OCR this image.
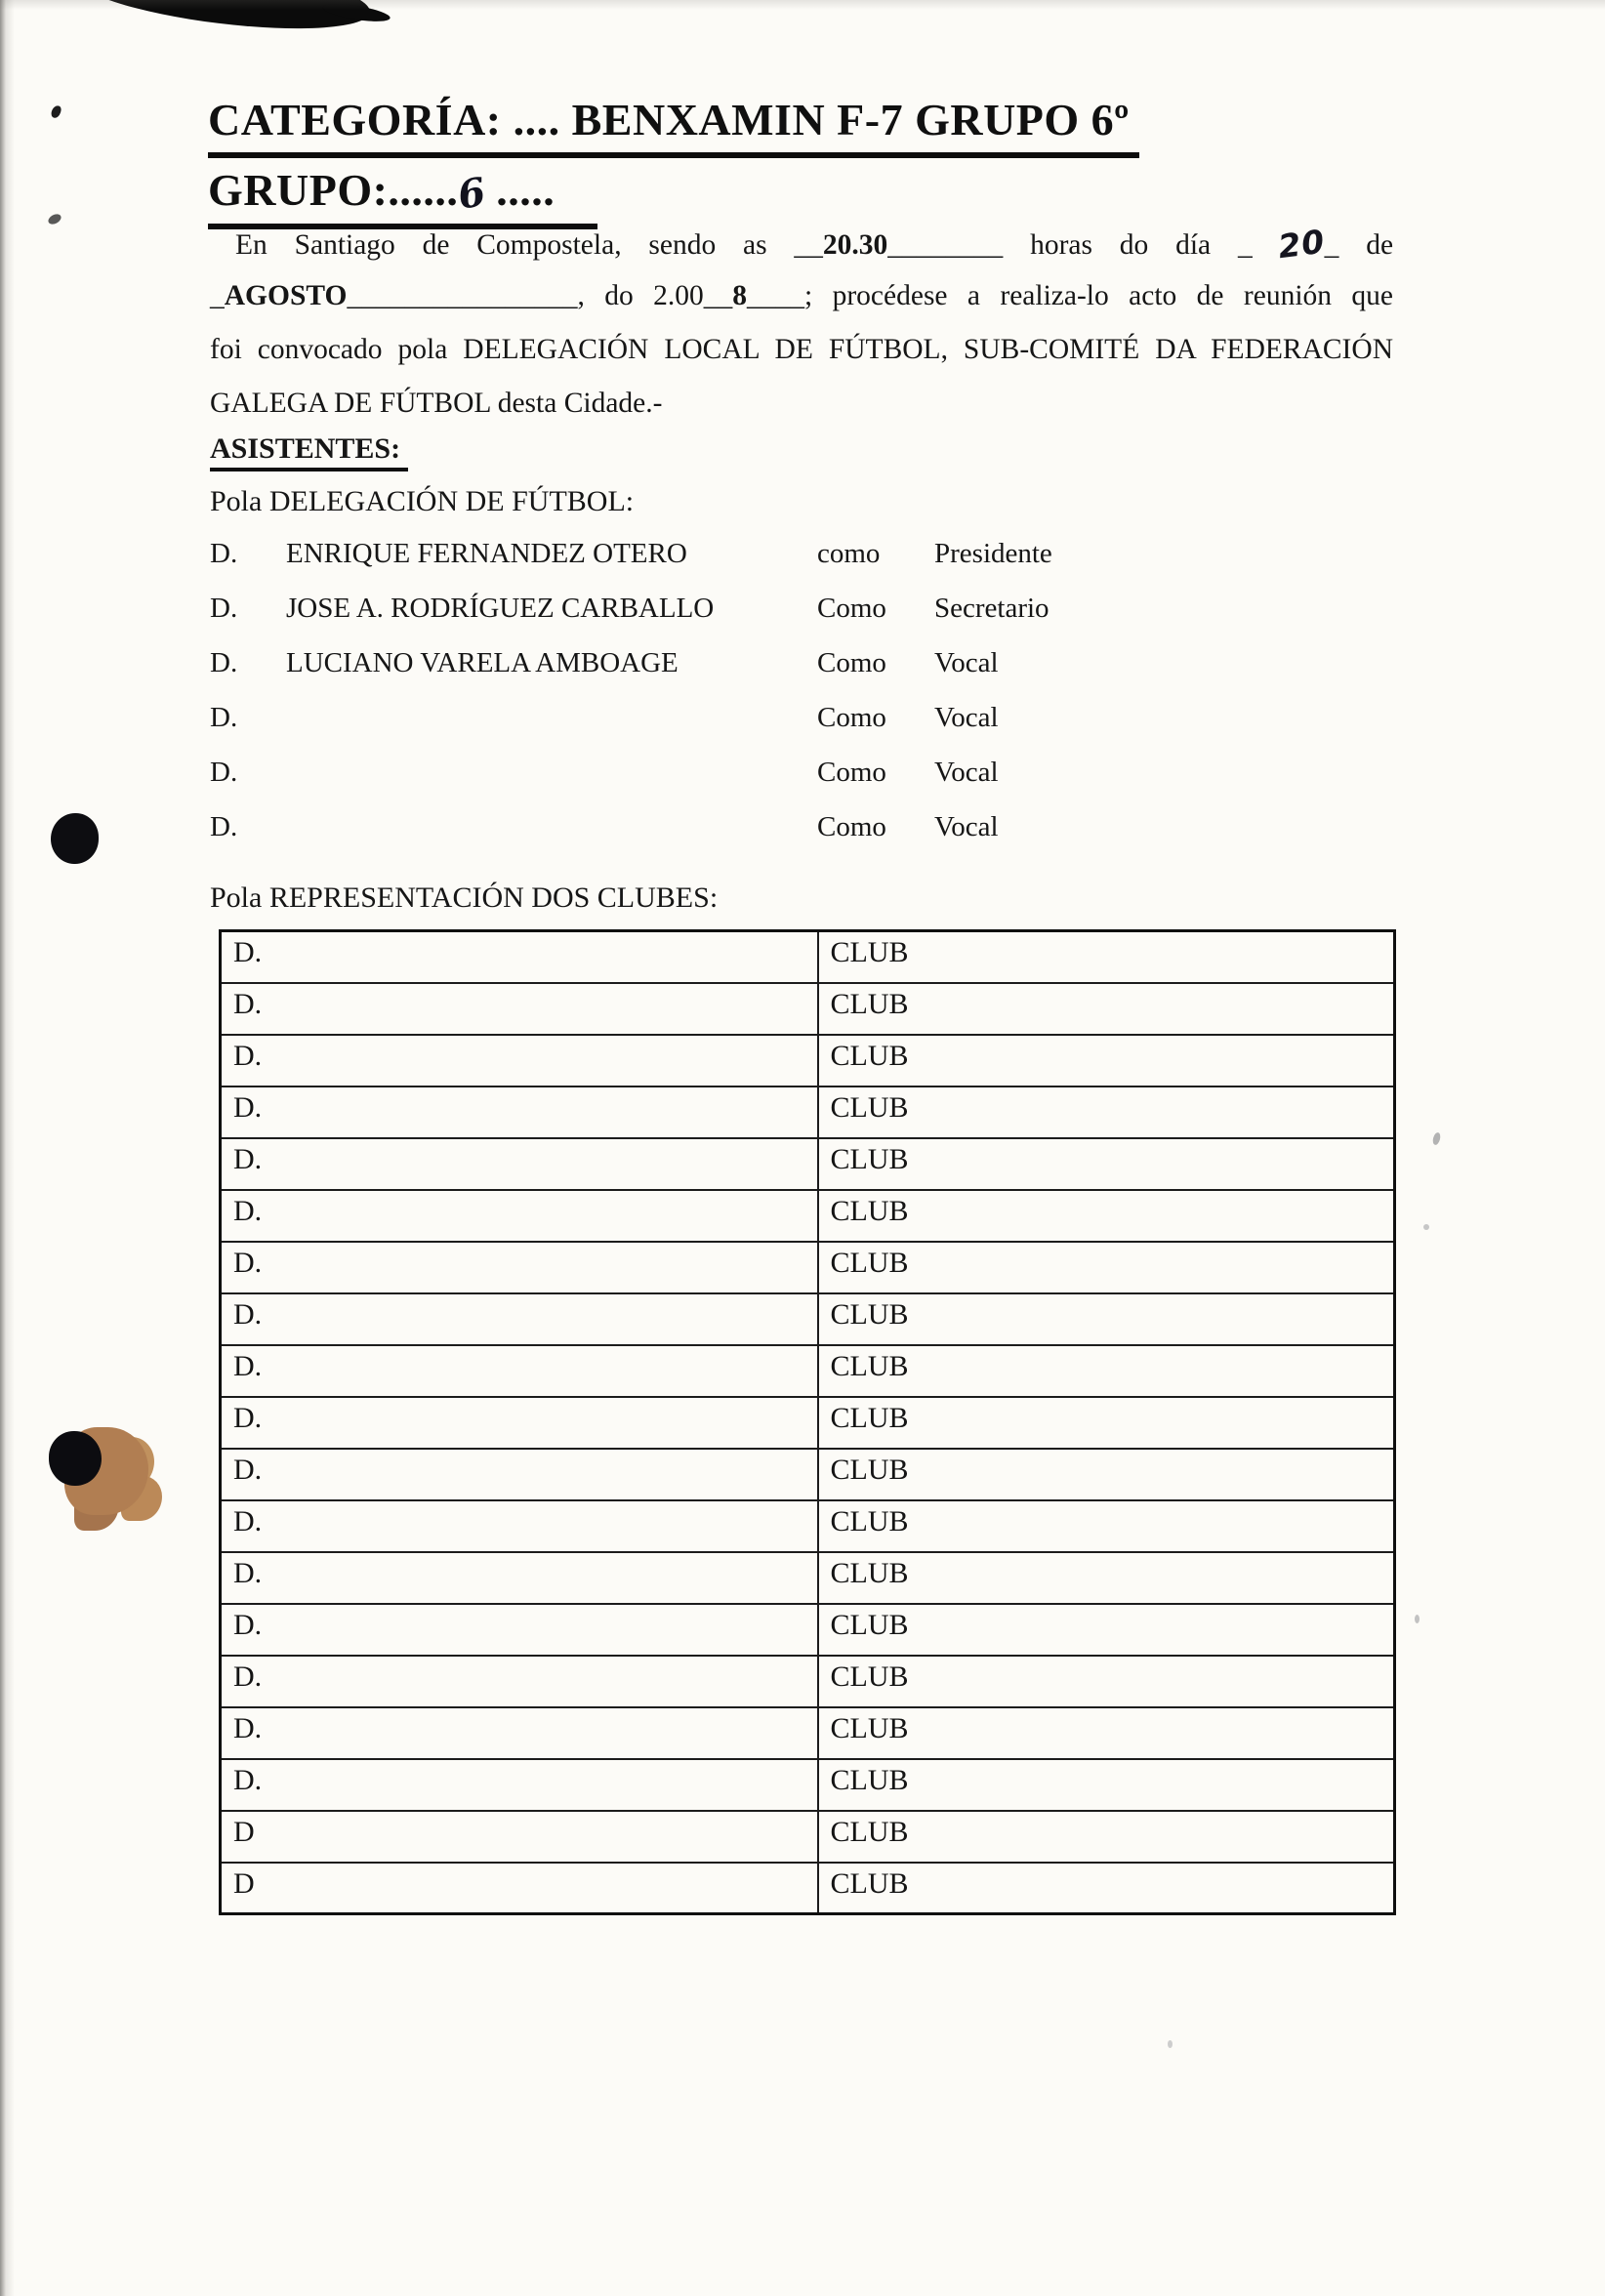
CATEGORÍA: .... BENXAMIN F-7 GRUPO 6º
GRUPO:......6 .....
En Santiago de Compostela, sendo as __20.30________ horas do día _ 20_ de
_AGOSTO________________, do 2.00__8____; procédese a realiza-lo acto de reunión que
foi convocado pola DELEGACIÓN LOCAL DE FÚTBOL, SUB-COMITÉ DA FEDERACIÓN
GALEGA DE FÚTBOL desta Cidade.-
ASISTENTES:
Pola DELEGACIÓN DE FÚTBOL:
D. ENRIQUE FERNANDEZ OTERO	como Presidente
D. JOSE A. RODRÍGUEZ CARBALLO	Como Secretario
D. LUCIANO VARELA AMBOAGE	Como Vocal
D.	Como Vocal
D.	Como Vocal
D.	Como Vocal
Pola REPRESENTACIÓN DOS CLUBES:
D.	CLUB
D.	CLUB
D.	CLUB
D.	CLUB
D.	CLUB
D.	CLUB
D.	CLUB
D.	CLUB
D.	CLUB
D.	CLUB
D.	CLUB
D.	CLUB
D.	CLUB
D.	CLUB
D.	CLUB
D.	CLUB
D.	CLUB
D	CLUB
D	CLUB
